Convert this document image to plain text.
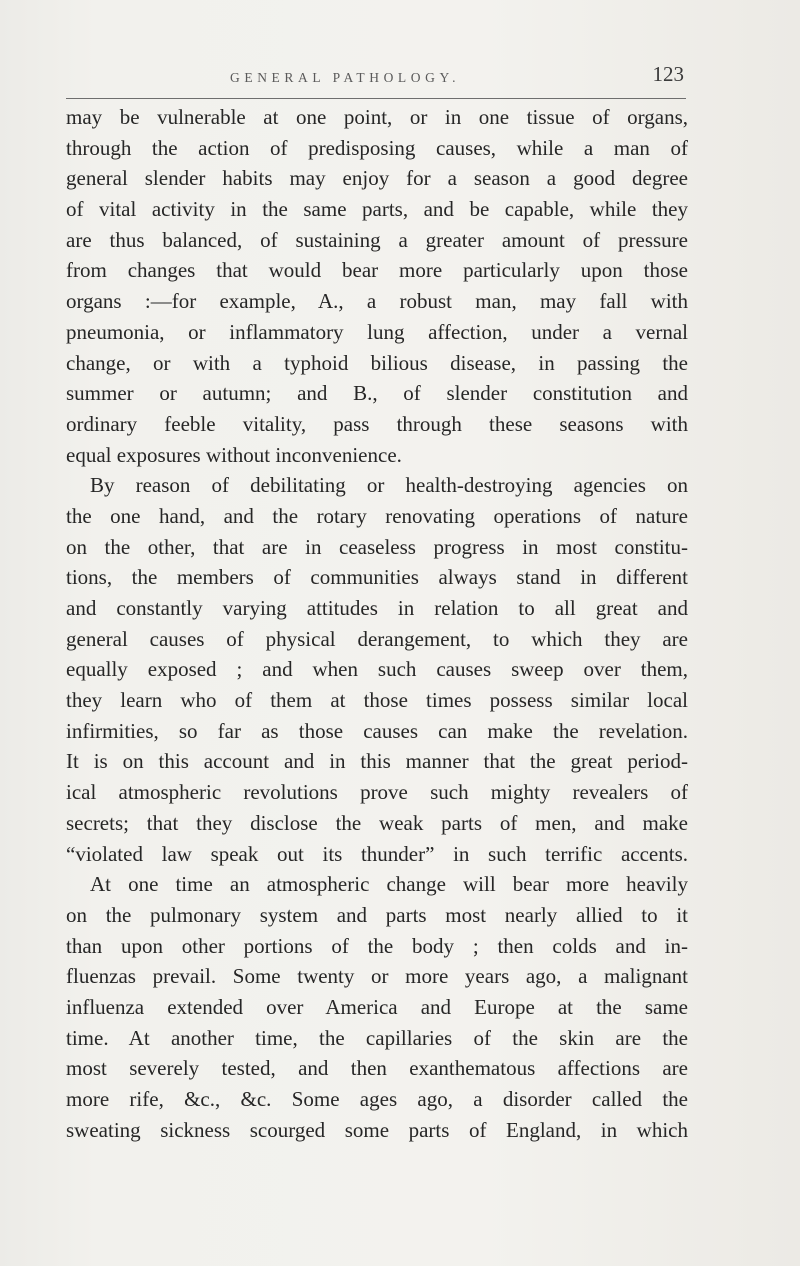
GENERAL PATHOLOGY.	123
may be vulnerable at one point, or in one tissue of organs,
through the action of predisposing causes, while a man of
general slender habits may enjoy for a season a good degree
of vital activity in the same parts, and be capable, while they
are thus balanced, of sustaining a greater amount of pressure
from changes that would bear more particularly upon those
organs :—for example, A., a robust man, may fall with
pneumonia, or inflammatory lung affection, under a vernal
change, or with a typhoid bilious disease, in passing the
summer or autumn; and B., of slender constitution and
ordinary feeble vitality, pass through these seasons with
equal exposures without inconvenience.
By reason of debilitating or health-destroying agencies on
the one hand, and the rotary renovating operations of nature
on the other, that are in ceaseless progress in most constitu-
tions, the members of communities always stand in different
and constantly varying attitudes in relation to all great and
general causes of physical derangement, to which they are
equally exposed ; and when such causes sweep over them,
they learn who of them at those times possess similar local
infirmities, so far as those causes can make the revelation.
It is on this account and in this manner that the great period-
ical atmospheric revolutions prove such mighty revealers of
secrets; that they disclose the weak parts of men, and make
“violated law speak out its thunder” in such terrific accents.
At one time an atmospheric change will bear more heavily
on the pulmonary system and parts most nearly allied to it
than upon other portions of the body ; then colds and in-
fluenzas prevail. Some twenty or more years ago, a malignant
influenza extended over America and Europe at the same
time. At another time, the capillaries of the skin are the
most severely tested, and then exanthematous affections are
more rife, &c., &c. Some ages ago, a disorder called the
sweating sickness scourged some parts of England, in which
